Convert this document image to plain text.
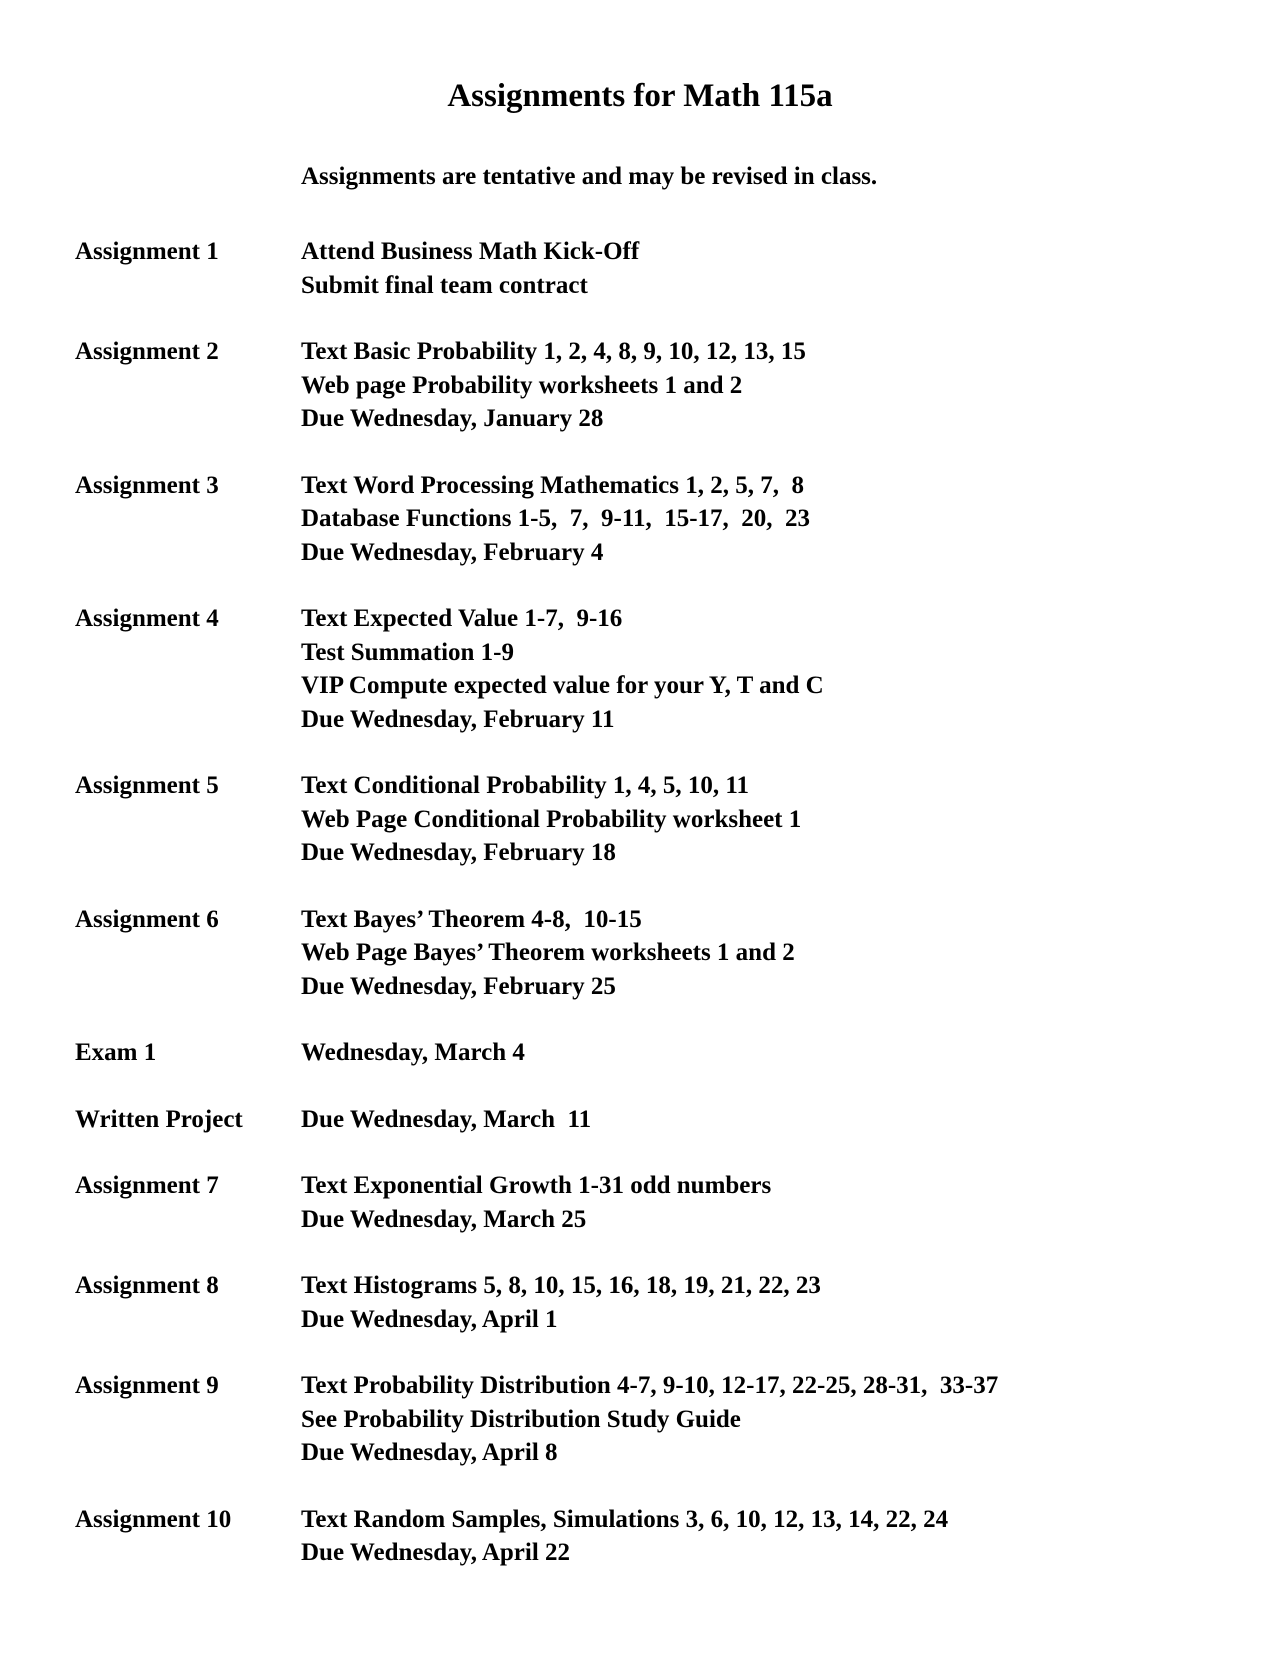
Assignments for Math 115a
Assignments are tentative and may be revised in class.
Assignment 1	Attend Business Math Kick-Off
Submit final team contract
Assignment 2	Text Basic Probability 1, 2, 4, 8, 9, 10, 12, 13, 15
Web page Probability worksheets 1 and 2
Due Wednesday, January 28
Assignment 3	Text Word Processing Mathematics 1, 2, 5, 7,  8
Database Functions 1-5,  7,  9-11,  15-17,  20,  23
Due Wednesday, February 4
Assignment 4	Text Expected Value 1-7,  9-16
Test Summation 1-9
VIP Compute expected value for your Y, T and C
Due Wednesday, February 11
Assignment 5	Text Conditional Probability 1, 4, 5, 10, 11
Web Page Conditional Probability worksheet 1
Due Wednesday, February 18
Assignment 6	Text Bayes’ Theorem 4-8,  10-15
Web Page Bayes’ Theorem worksheets 1 and 2
Due Wednesday, February 25
Exam 1	Wednesday, March 4
Written Project	Due Wednesday, March  11
Assignment 7	Text Exponential Growth 1-31 odd numbers
Due Wednesday, March 25
Assignment 8	Text Histograms 5, 8, 10, 15, 16, 18, 19, 21, 22, 23
Due Wednesday, April 1
Assignment 9	Text Probability Distribution 4-7, 9-10, 12-17, 22-25, 28-31,  33-37
See Probability Distribution Study Guide
Due Wednesday, April 8
Assignment 10	Text Random Samples, Simulations 3, 6, 10, 12, 13, 14, 22, 24
Due Wednesday, April 22
